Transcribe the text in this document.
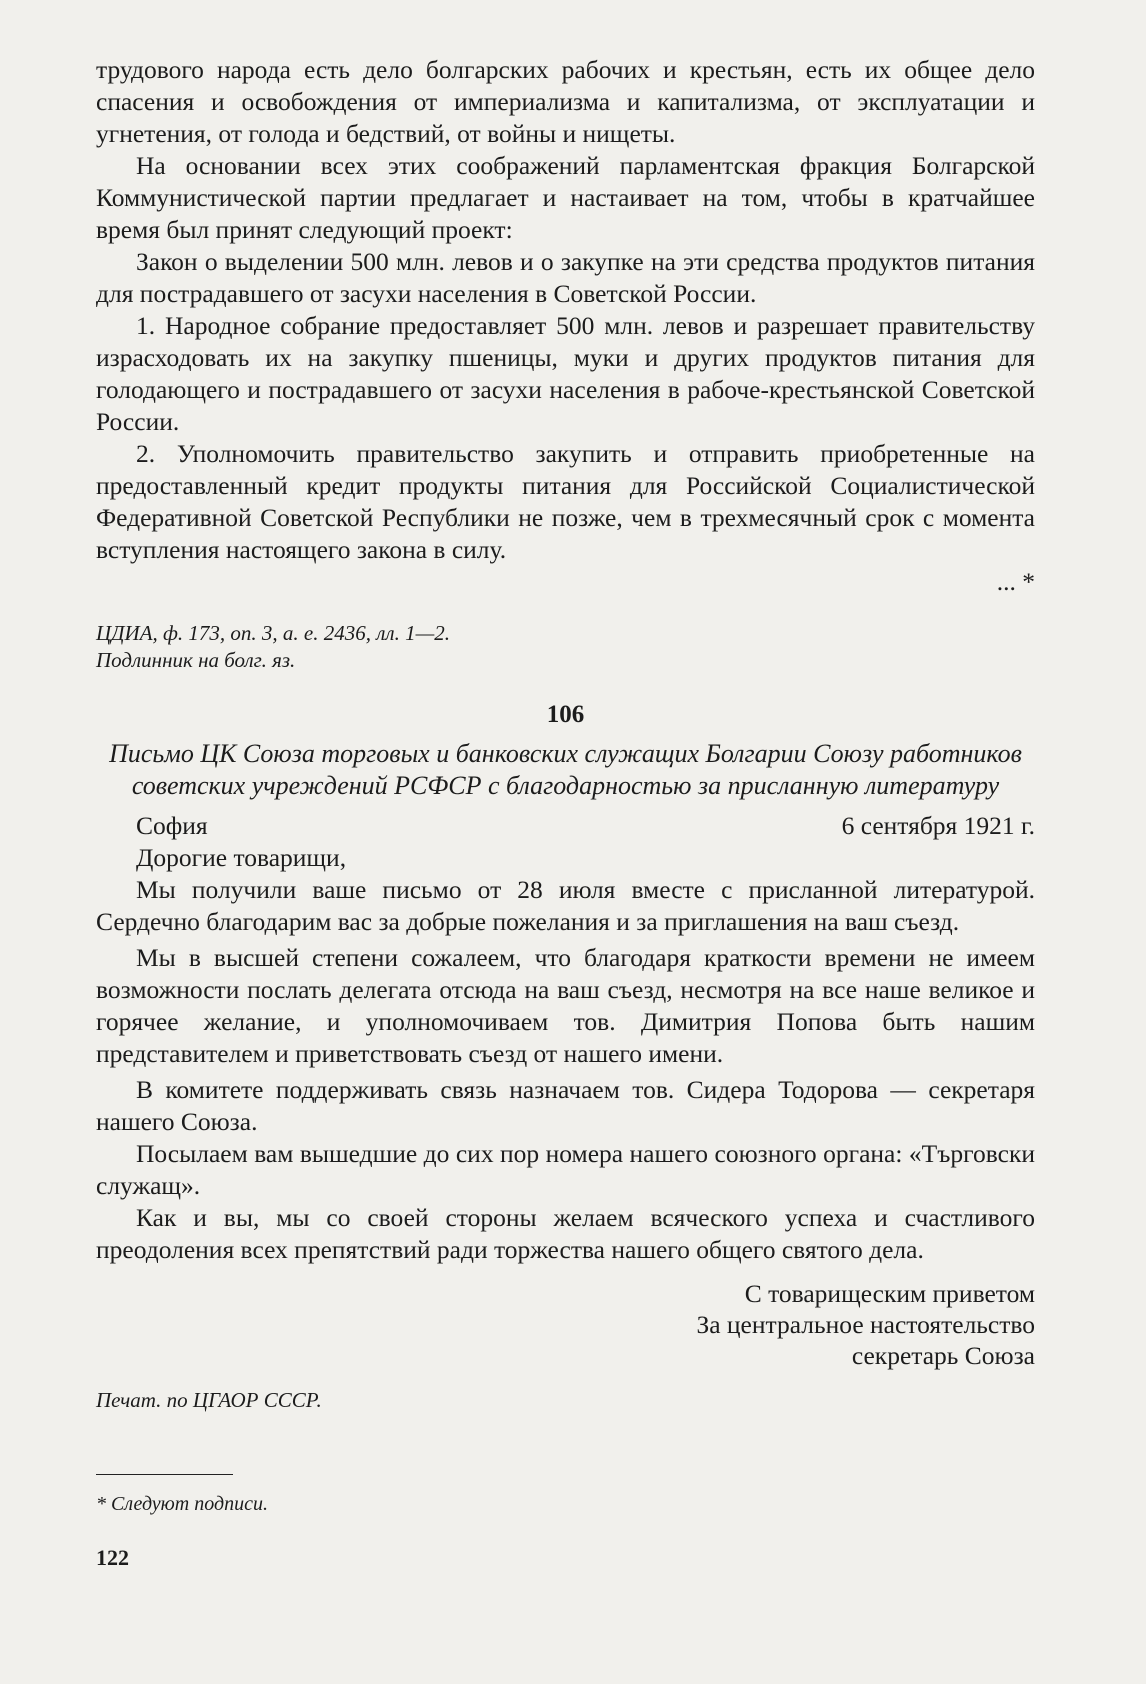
трудового народа есть дело болгарских рабочих и крестьян, есть их общее дело спасения и освобождения от империализма и капитализма, от эксплуатации и угнетения, от голода и бедствий, от войны и нищеты.

На основании всех этих соображений парламентская фракция Болгарской Коммунистической партии предлагает и настаивает на том, чтобы в кратчайшее время был принят следующий проект:

Закон о выделении 500 млн. левов и о закупке на эти средства продуктов питания для пострадавшего от засухи населения в Советской России.

1. Народное собрание предоставляет 500 млн. левов и разрешает правительству израсходовать их на закупку пшеницы, муки и других продуктов питания для голодающего и пострадавшего от засухи населения в рабоче-крестьянской Советской России.

2. Уполномочить правительство закупить и отправить приобретенные на предоставленный кредит продукты питания для Российской Социалистической Федеративной Советской Республики не позже, чем в трехмесячный срок с момента вступления настоящего закона в силу.

... *

ЦДИА, ф. 173, оп. 3, а. е. 2436, лл. 1—2.
Подлинник на болг. яз.
106
Письмо ЦК Союза торговых и банковских служащих Болгарии Союзу работников советских учреждений РСФСР с благодарностью за присланную литературу
София	6 сентября 1921 г.

Дорогие товарищи,

Мы получили ваше письмо от 28 июля вместе с присланной литературой. Сердечно благодарим вас за добрые пожелания и за приглашения на ваш съезд.

Мы в высшей степени сожалеем, что благодаря краткости времени не имеем возможности послать делегата отсюда на ваш съезд, несмотря на все наше великое и горячее желание, и уполномочиваем тов. Димитрия Попова быть нашим представителем и приветствовать съезд от нашего имени.

В комитете поддерживать связь назначаем тов. Сидера Тодорова — секретаря нашего Союза.

Посылаем вам вышедшие до сих пор номера нашего союзного органа: «Търговски служащ».

Как и вы, мы со своей стороны желаем всяческого успеха и счастливого преодоления всех препятствий ради торжества нашего общего святого дела.

С товарищеским приветом
За центральное настоятельство
секретарь Союза
Печат. по ЦГАОР СССР.
* Следуют подписи.
122
